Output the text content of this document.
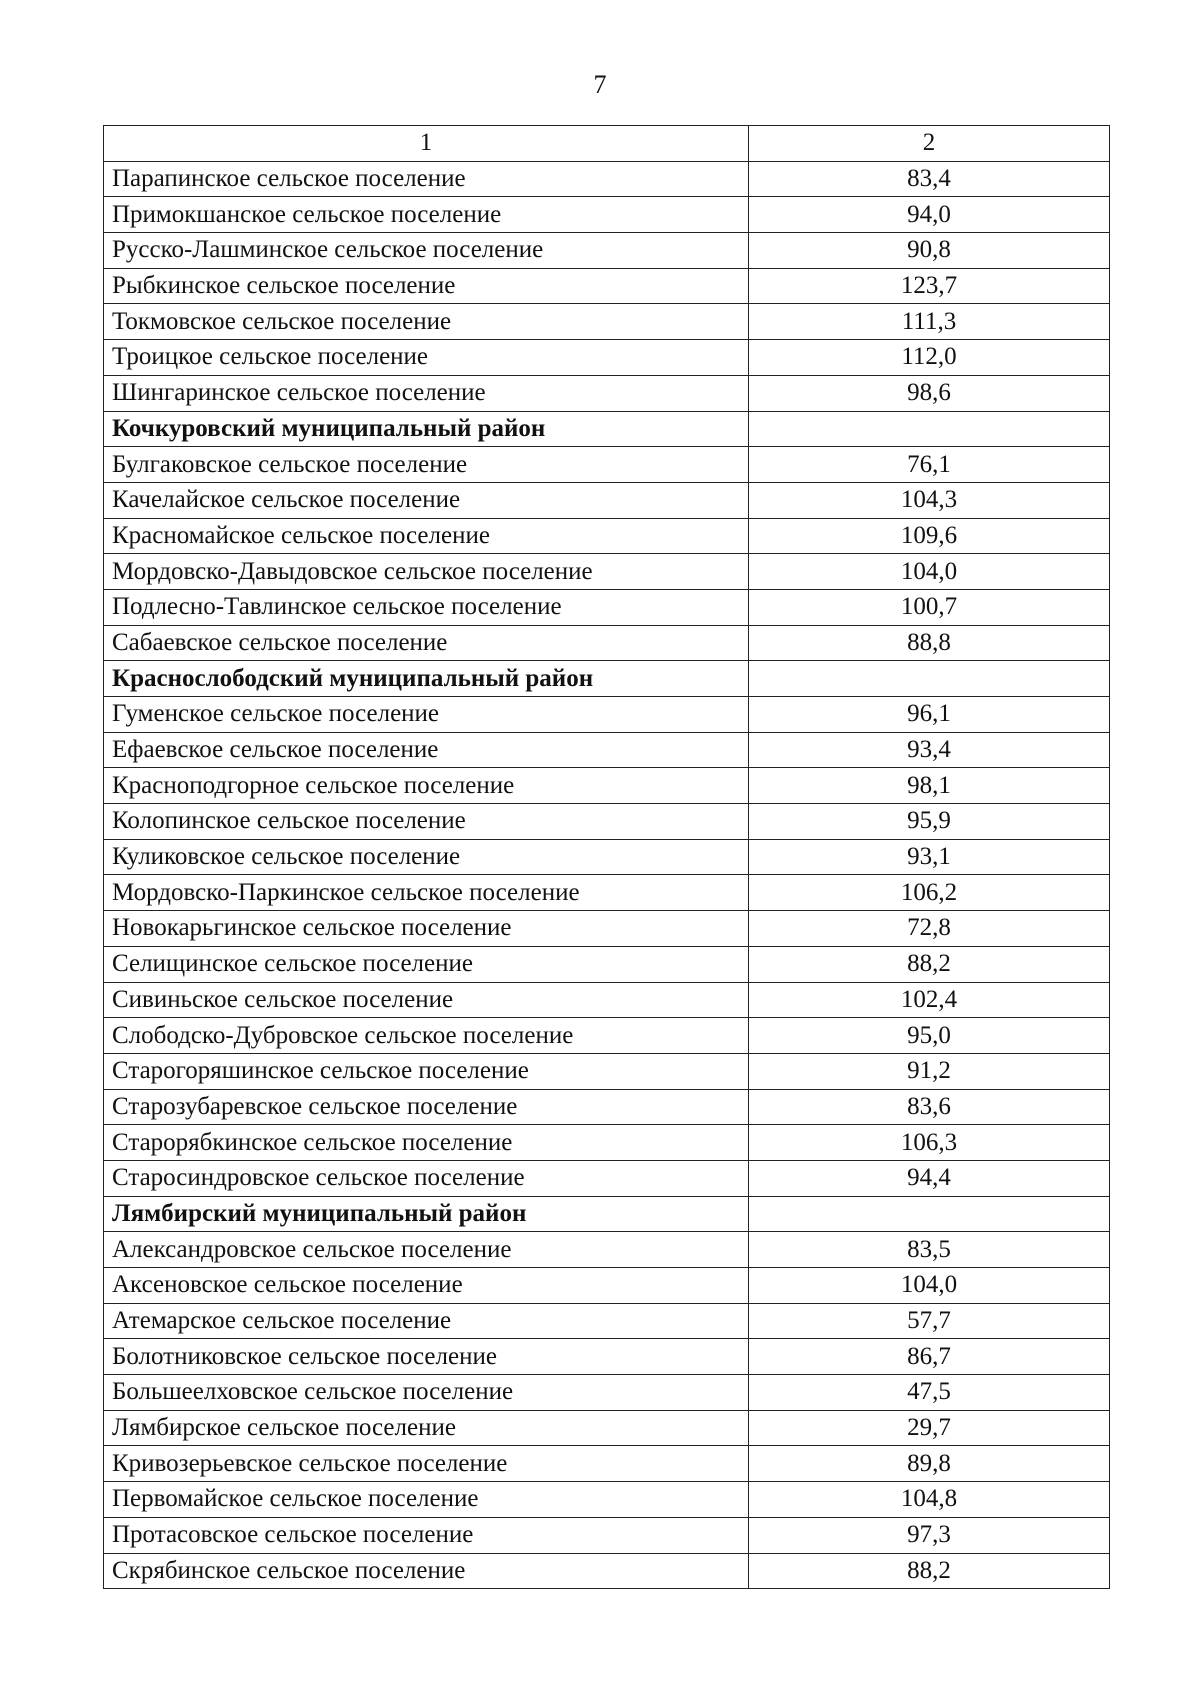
7
1	2
Парапинское сельское поселение	83,4
Примокшанское сельское поселение	94,0
Русско-Лашминское сельское поселение	90,8
Рыбкинское сельское поселение	123,7
Токмовское сельское поселение	111,3
Троицкое сельское поселение	112,0
Шингаринское сельское поселение	98,6
Кочкуровский муниципальный район	
Булгаковское сельское поселение	76,1
Качелайское сельское поселение	104,3
Красномайское сельское поселение	109,6
Мордовско-Давыдовское сельское поселение	104,0
Подлесно-Тавлинское сельское поселение	100,7
Сабаевское сельское поселение	88,8
Краснослободский муниципальный район	
Гуменское сельское поселение	96,1
Ефаевское сельское поселение	93,4
Красноподгорное сельское поселение	98,1
Колопинское сельское поселение	95,9
Куликовское сельское поселение	93,1
Мордовско-Паркинское сельское поселение	106,2
Новокарьгинское сельское поселение	72,8
Селищинское сельское поселение	88,2
Сивиньское сельское поселение	102,4
Слободско-Дубровское сельское поселение	95,0
Старогоряшинское сельское поселение	91,2
Старозубаревское сельское поселение	83,6
Старорябкинское сельское поселение	106,3
Старосиндровское сельское поселение	94,4
Лямбирский муниципальный район	
Александровское сельское поселение	83,5
Аксеновское сельское поселение	104,0
Атемарское сельское поселение	57,7
Болотниковское сельское поселение	86,7
Большеелховское сельское поселение	47,5
Лямбирское сельское поселение	29,7
Кривозерьевское сельское поселение	89,8
Первомайское сельское поселение	104,8
Протасовское сельское поселение	97,3
Скрябинское сельское поселение	88,2
